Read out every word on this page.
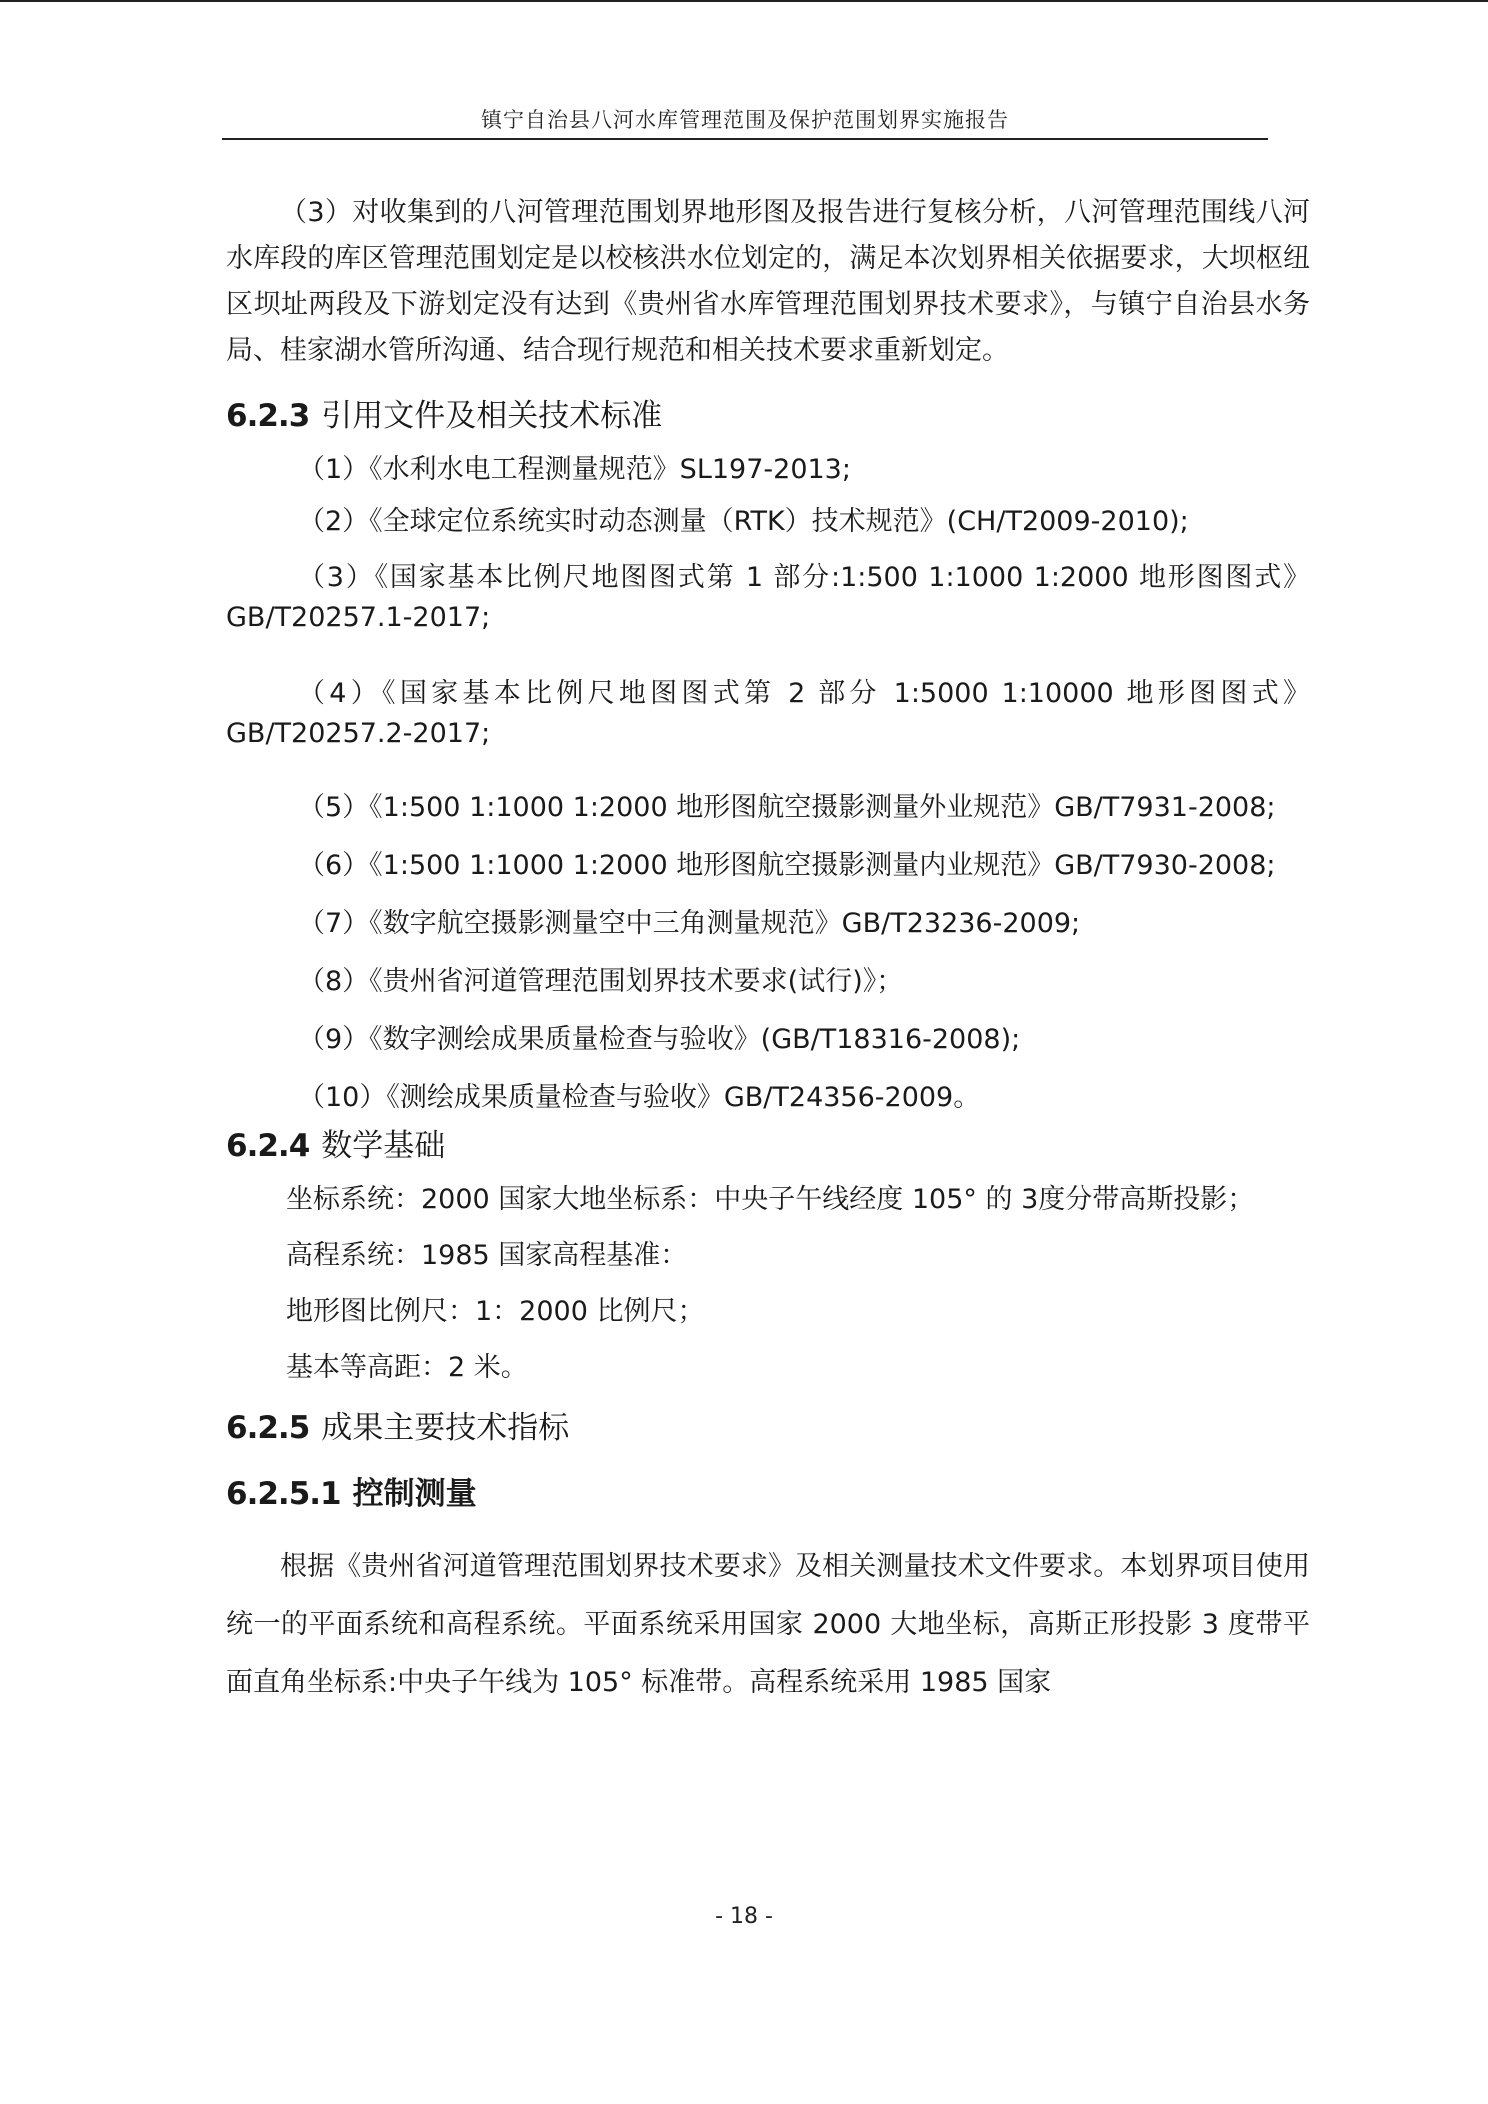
镇宁自治县八河水库管理范围及保护范围划界实施报告

（3）对收集到的八河管理范围划界地形图及报告进行复核分析，八河管理范围线八河水库段的库区管理范围划定是以校核洪水位划定的，满足本次划界相关依据要求，大坝枢纽区坝址两段及下游划定没有达到《贵州省水库管理范围划界技术要求》，与镇宁自治县水务局、桂家湖水管所沟通、结合现行规范和相关技术要求重新划定。

6.2.3 引用文件及相关技术标准

（1）《水利水电工程测量规范》SL197-2013;

（2）《全球定位系统实时动态测量（RTK）技术规范》(CH/T2009-2010);

（3）《国家基本比例尺地图图式第 1 部分:1:500 1:1000 1:2000 地形图图式》GB/T20257.1-2017;

（4）《国家基本比例尺地图图式第 2 部分 1:5000 1:10000 地形图图式》GB/T20257.2-2017;

（5）《1:500 1:1000 1:2000 地形图航空摄影测量外业规范》GB/T7931-2008;

（6）《1:500 1:1000 1:2000 地形图航空摄影测量内业规范》GB/T7930-2008;

（7）《数字航空摄影测量空中三角测量规范》GB/T23236-2009;

（8）《贵州省河道管理范围划界技术要求(试行)》；

（9）《数字测绘成果质量检查与验收》(GB/T18316-2008);

（10）《测绘成果质量检查与验收》GB/T24356-2009。

6.2.4 数学基础

坐标系统：2000 国家大地坐标系：中央子午线经度 105° 的 3度分带高斯投影；

高程系统：1985 国家高程基准：

地形图比例尺：1：2000 比例尺；

基本等高距：2 米。

6.2.5 成果主要技术指标
6.2.5.1 控制测量

根据《贵州省河道管理范围划界技术要求》及相关测量技术文件要求。本划界项目使用统一的平面系统和高程系统。平面系统采用国家 2000 大地坐标，高斯正形投影 3 度带平面直角坐标系:中央子午线为 105° 标准带。高程系统采用 1985 国家

- 18 -
